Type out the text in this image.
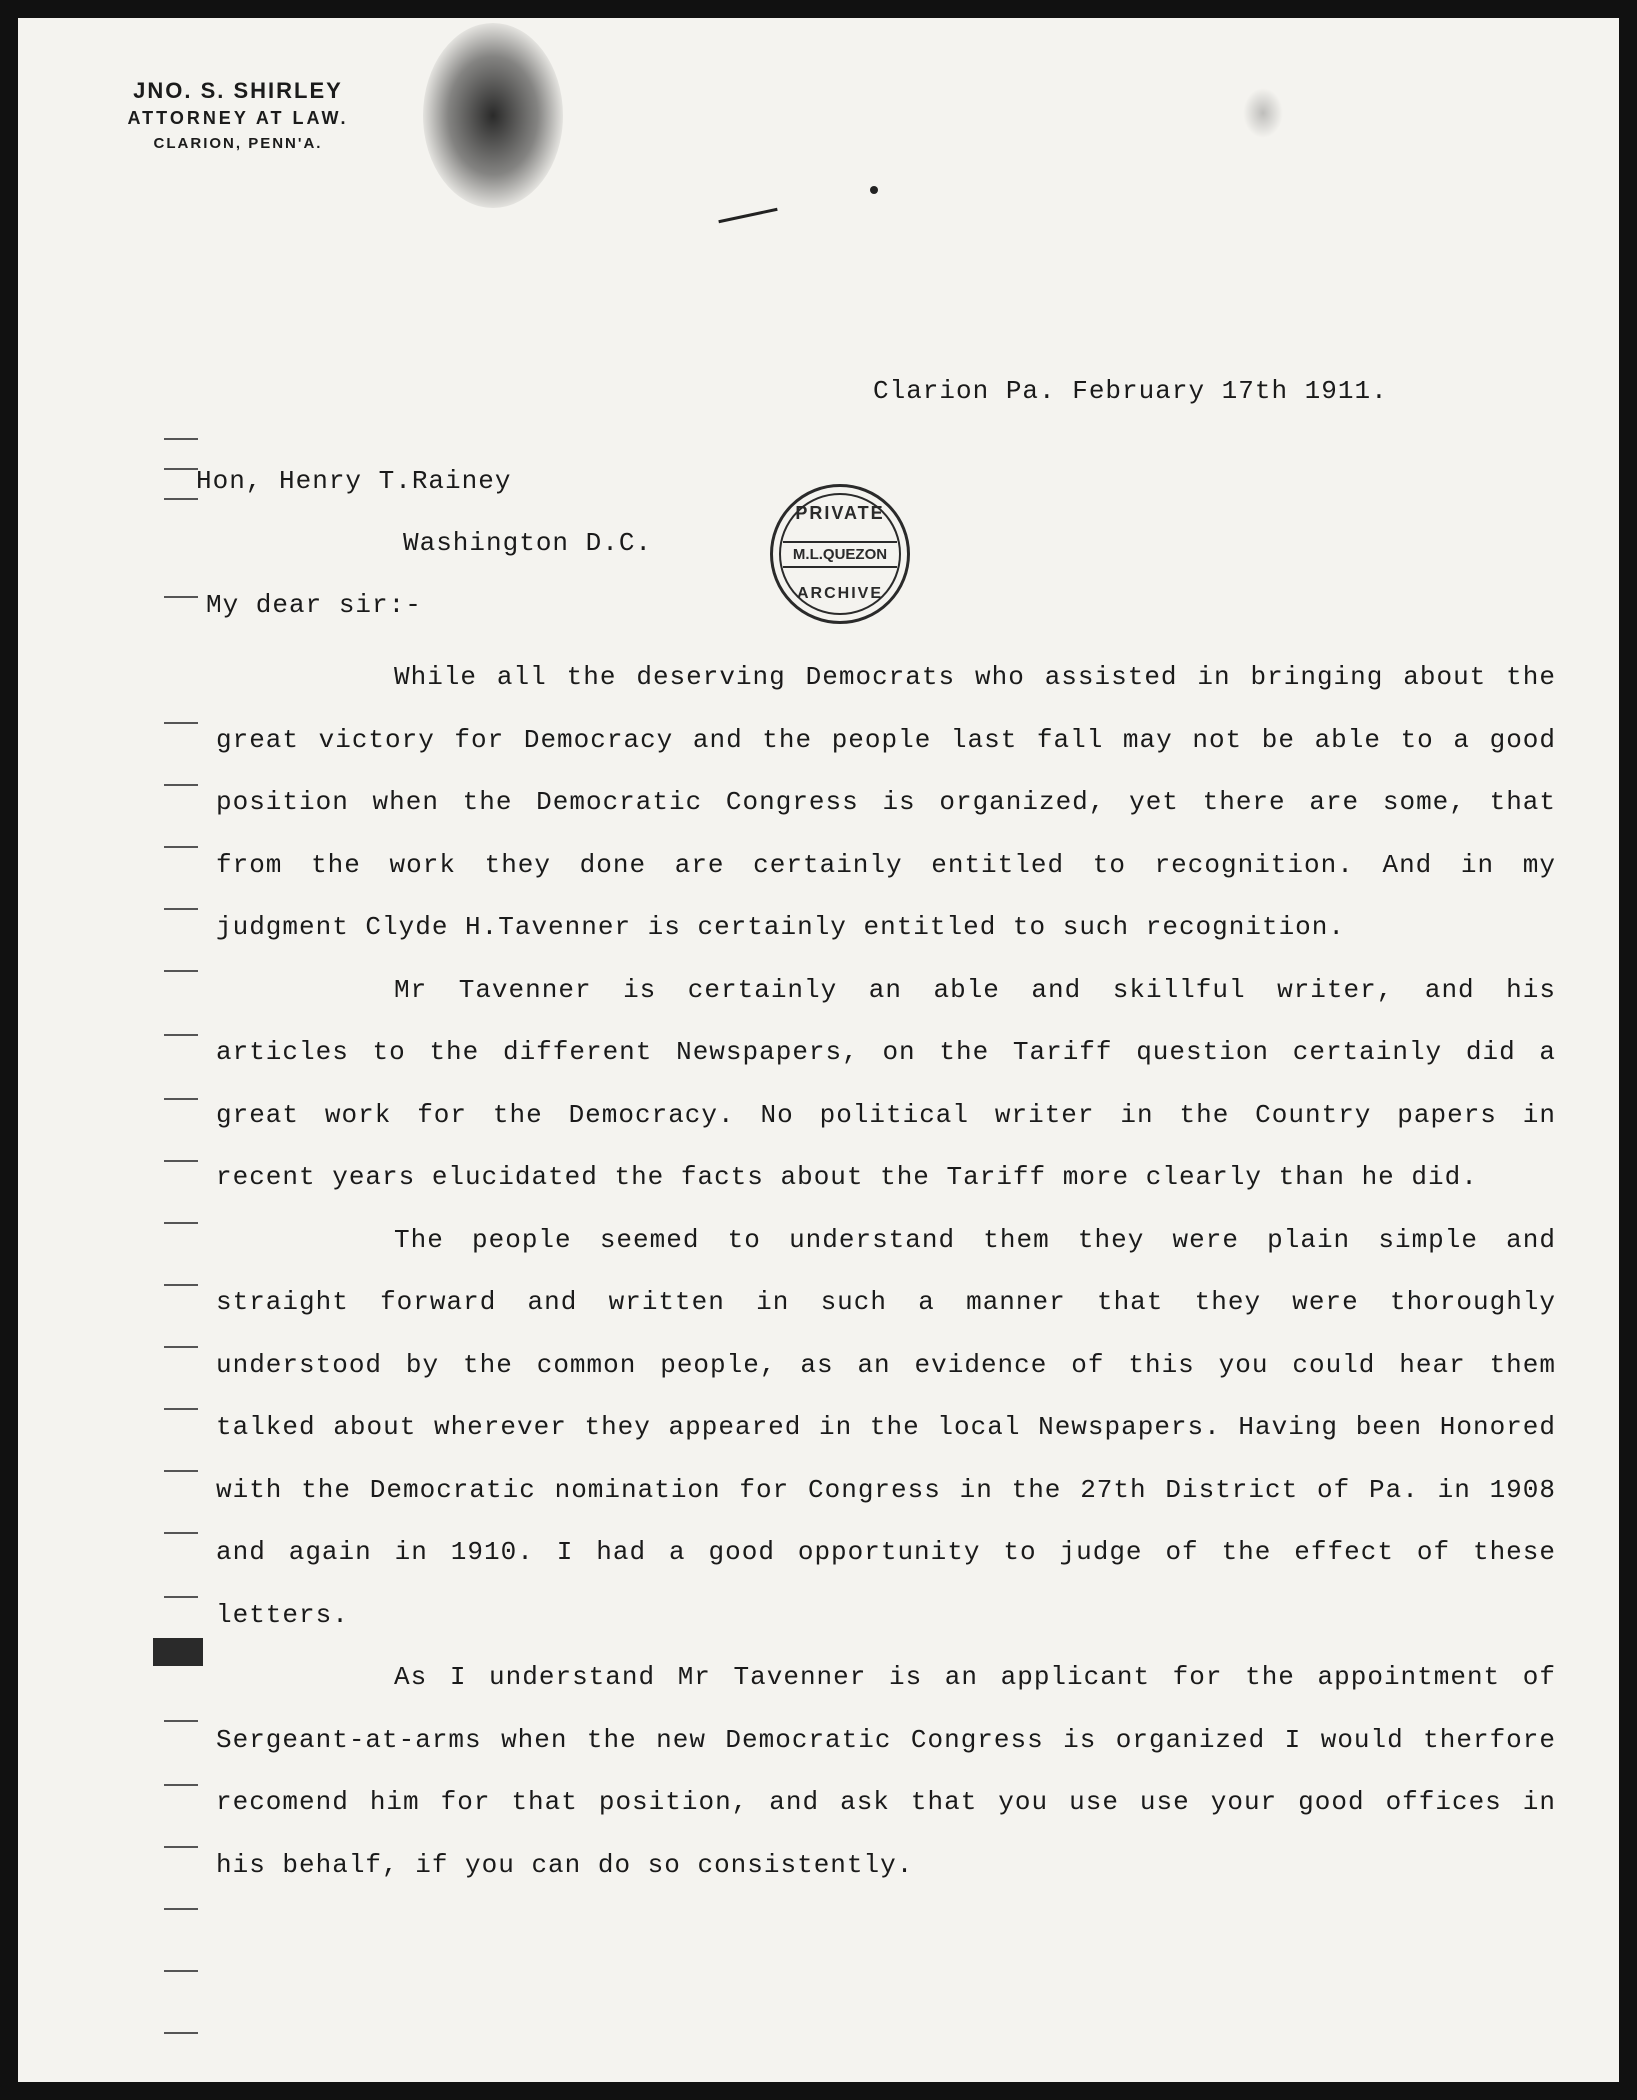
JNO. S. SHIRLEY
ATTORNEY AT LAW.
CLARION, PENN'A.
Clarion Pa. February 17th 1911.
Hon, Henry T.Rainey
Washington D.C.
My dear sir:-
PRIVATE
M.L.QUEZON
ARCHIVE

While all the deserving Democrats who assisted in bringing about the great victory for Democracy and the people last fall may not be able to a good position when the Democratic Congress is organized, yet there are some, that from the work they done are certainly entitled to recognition. And in my judgment Clyde H.Tavenner is certainly entitled to such recognition.

Mr Tavenner is certainly an able and skillful writer, and his articles to the different Newspapers, on the Tariff question certainly did a great work for the Democracy. No political writer in the Country papers in recent years elucidated the facts about the Tariff more clearly than he did.

The people seemed to understand them they were plain simple and straight forward and written in such a manner that they were thoroughly understood by the common people, as an evidence of this you could hear them talked about wherever they appeared in the local Newspapers. Having been Honored with the Democratic nomination for Congress in the 27th District of Pa. in 1908 and again in 1910. I had a good opportunity to judge of the effect of these letters.

As I understand Mr Tavenner is an applicant for the appointment of Sergeant-at-arms when the new Democratic Congress is organized I would therfore recomend him for that position, and ask that you use use your good offices in his behalf, if you can do so consistently.
